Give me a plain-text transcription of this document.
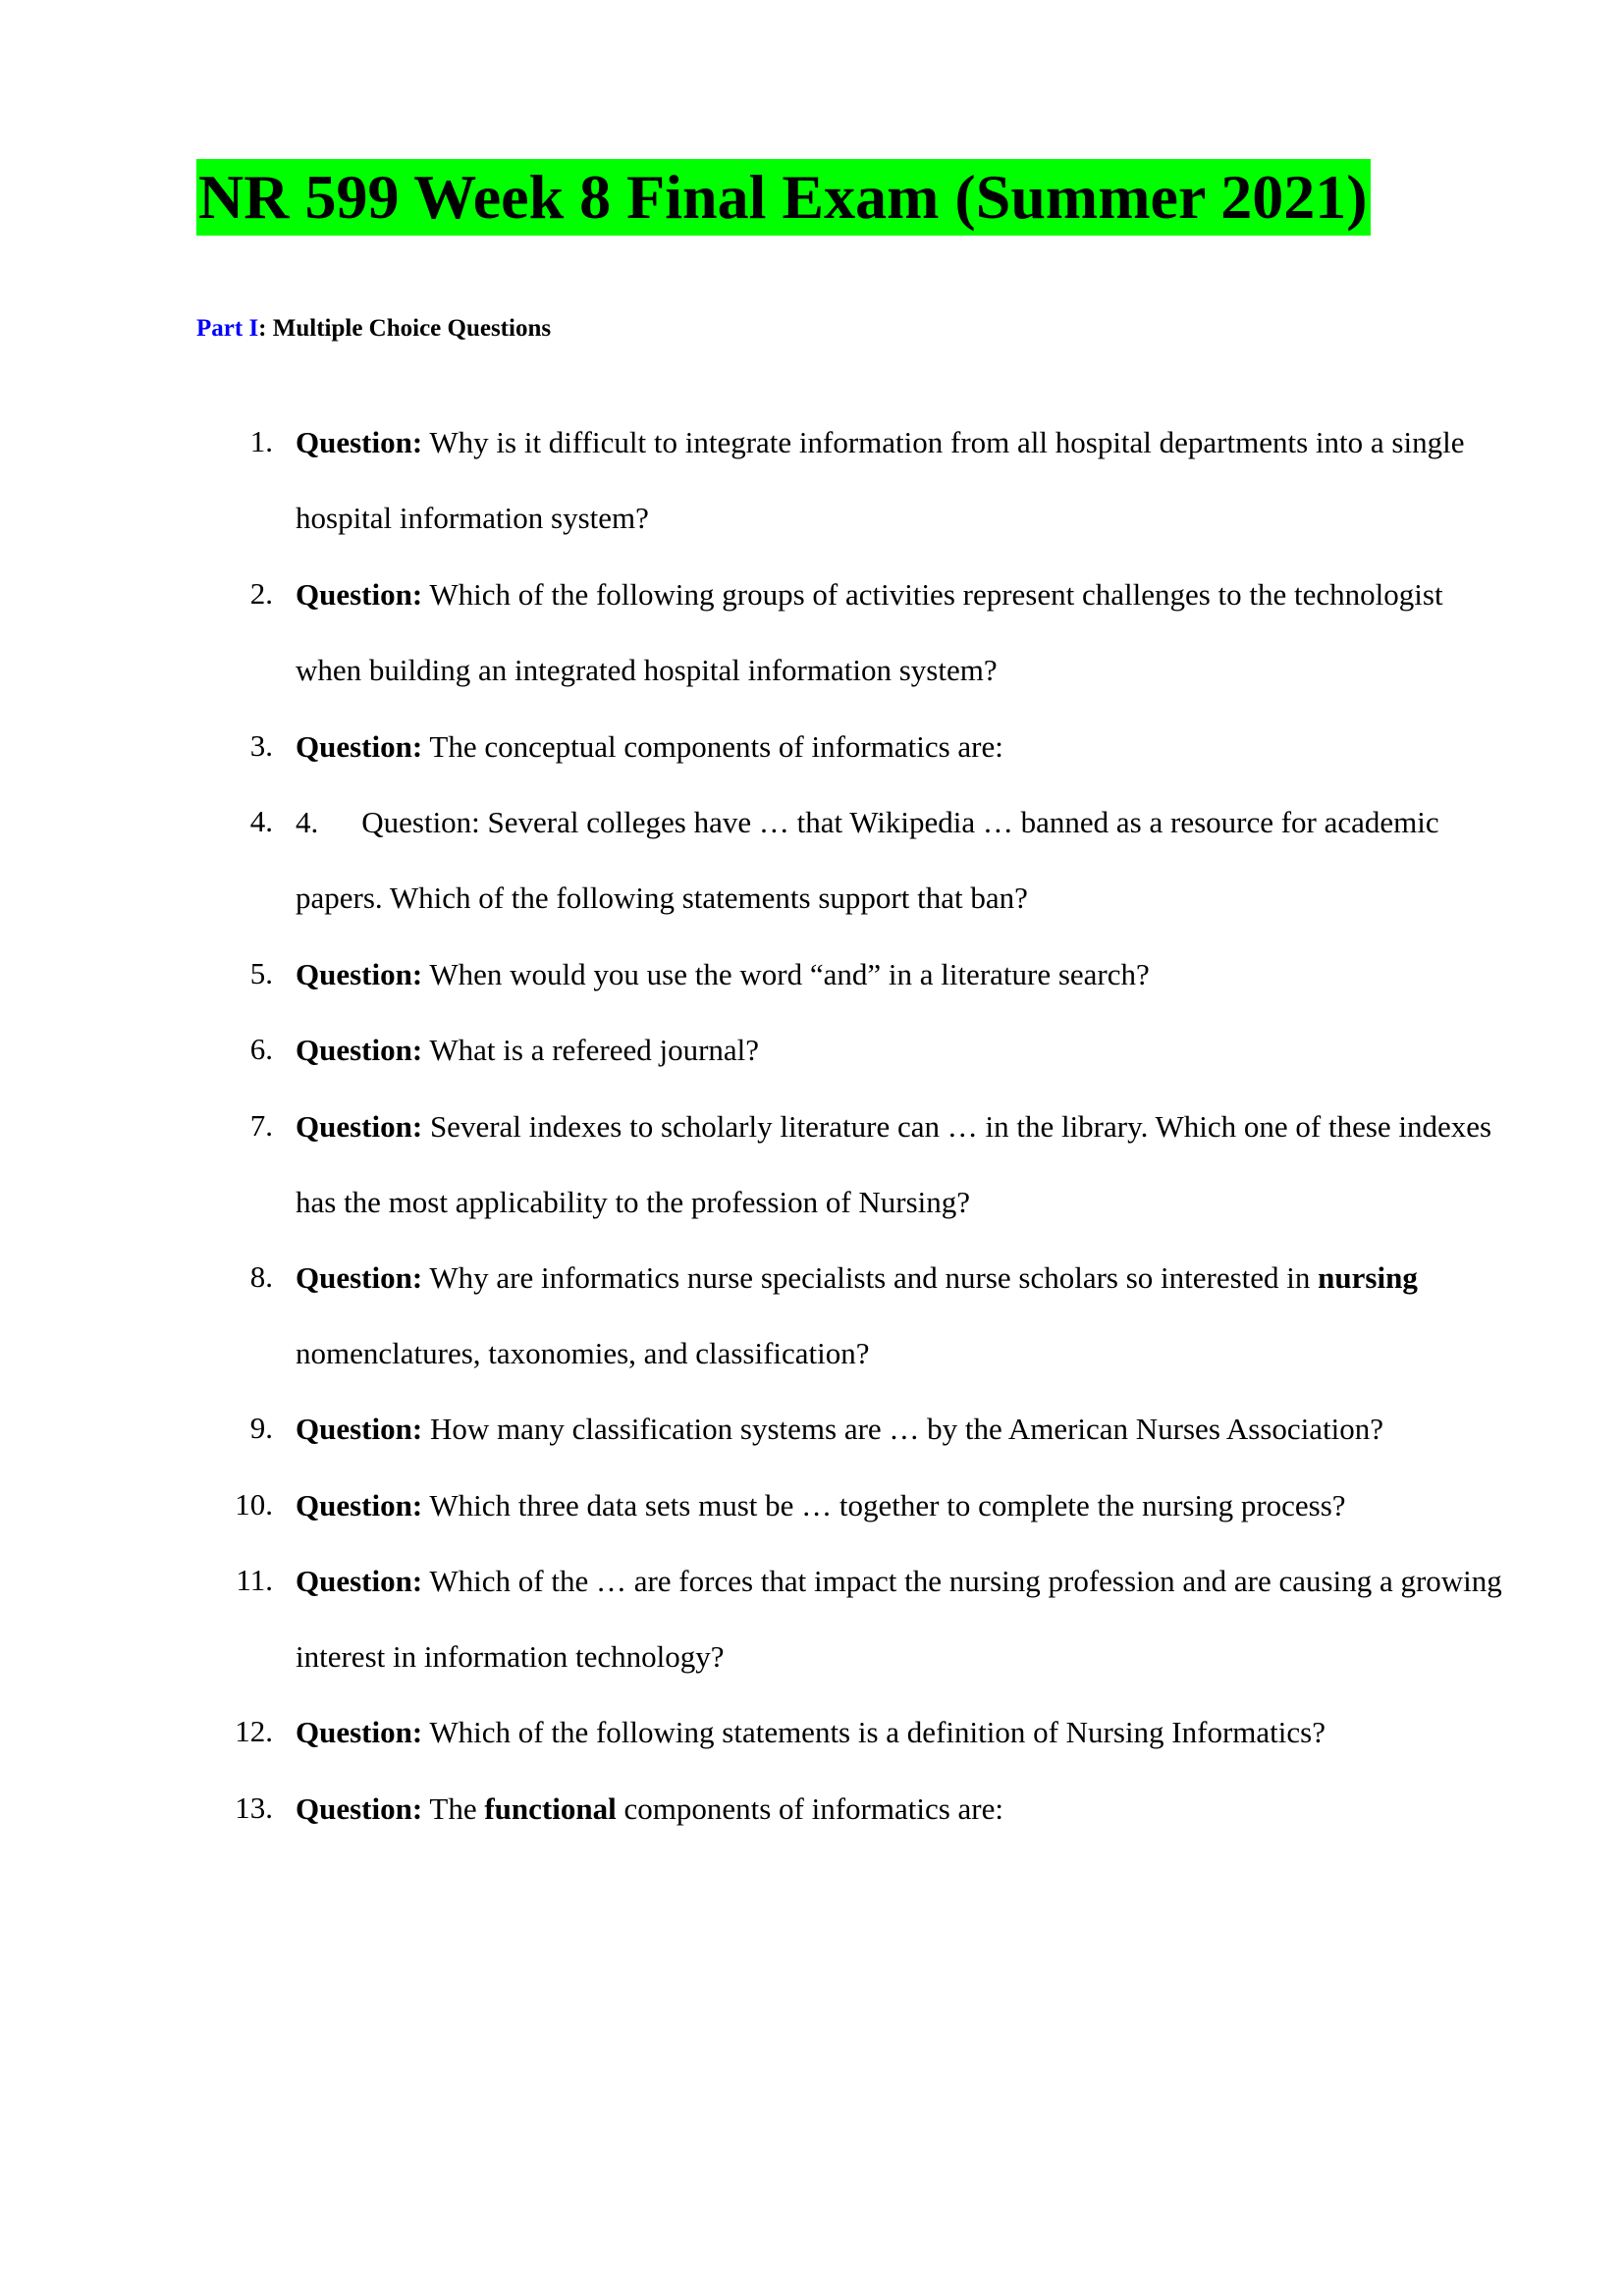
NR 599 Week 8 Final Exam (Summer 2021)
Part I: Multiple Choice Questions
1. Question: Why is it difficult to integrate information from all hospital departments into a single hospital information system?
2. Question: Which of the following groups of activities represent challenges to the technologist when building an integrated hospital information system?
3. Question: The conceptual components of informatics are:
4. 4. Question: Several colleges have … that Wikipedia … banned as a resource for academic papers. Which of the following statements support that ban?
5. Question: When would you use the word “and” in a literature search?
6. Question: What is a refereed journal?
7. Question: Several indexes to scholarly literature can … in the library. Which one of these indexes has the most applicability to the profession of Nursing?
8. Question: Why are informatics nurse specialists and nurse scholars so interested in nursing nomenclatures, taxonomies, and classification?
9. Question: How many classification systems are … by the American Nurses Association?
10. Question: Which three data sets must be … together to complete the nursing process?
11. Question: Which of the … are forces that impact the nursing profession and are causing a growing interest in information technology?
12. Question: Which of the following statements is a definition of Nursing Informatics?
13. Question: The functional components of informatics are:
